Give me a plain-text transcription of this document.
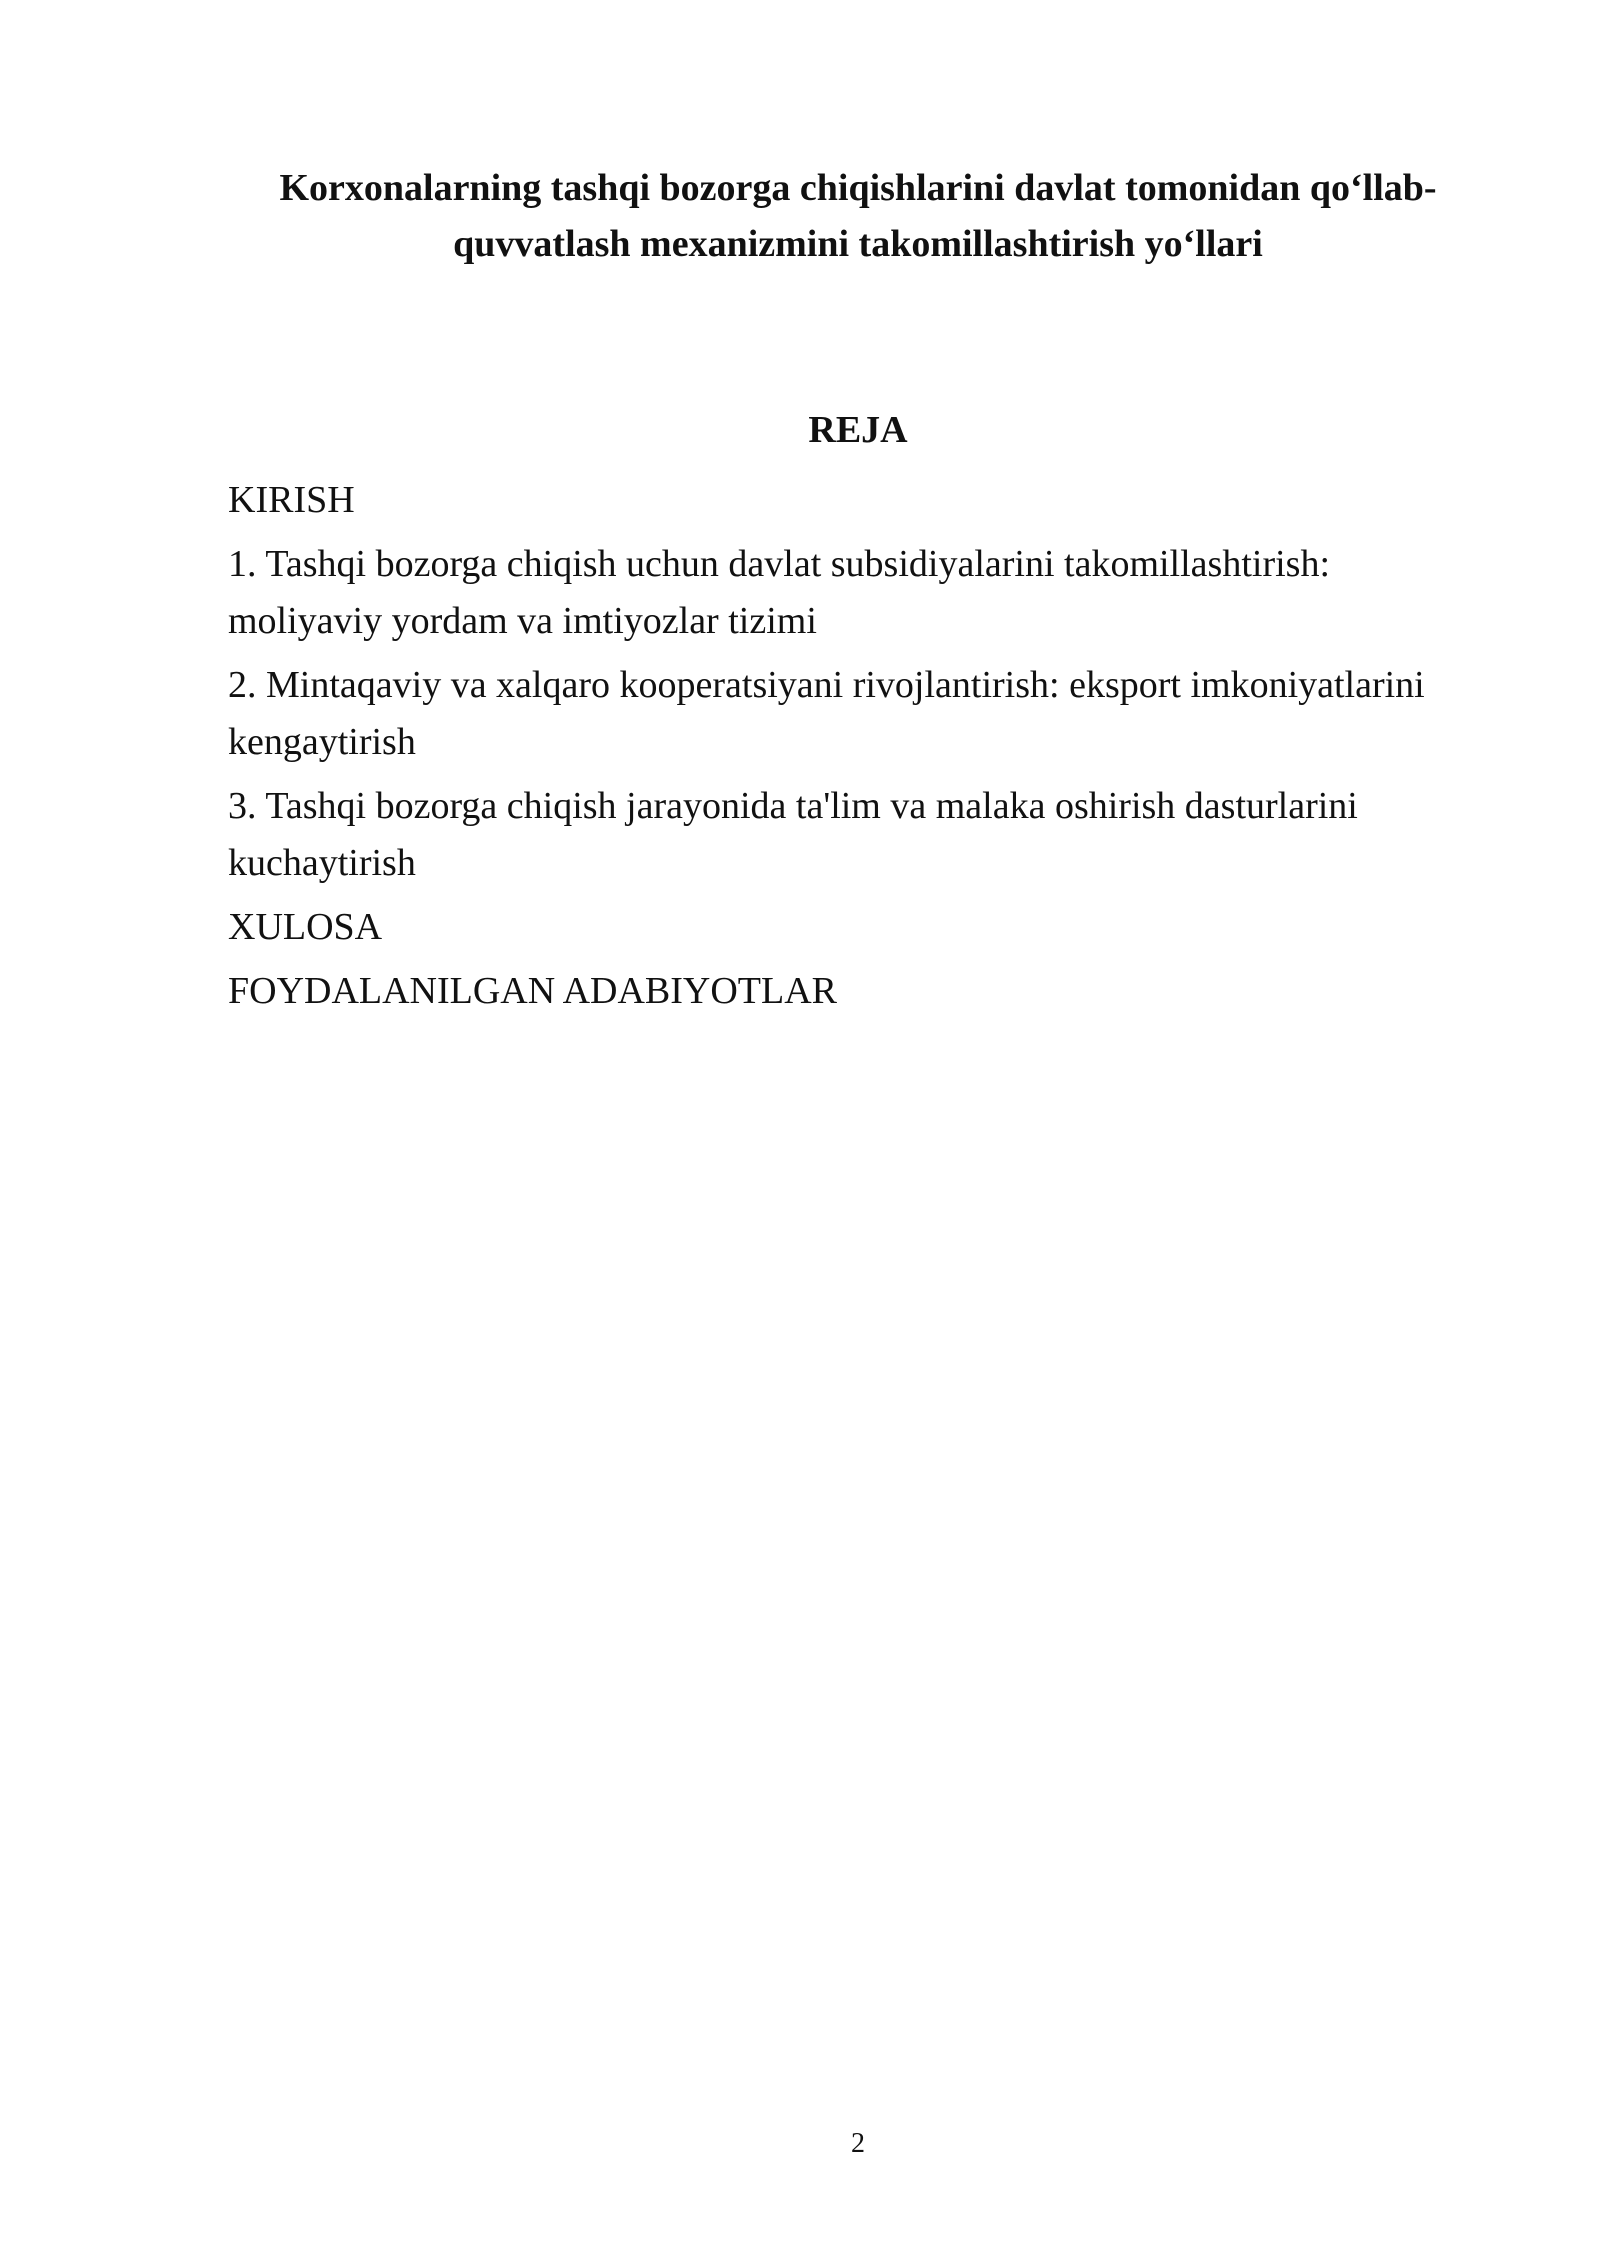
Korxonalarning tashqi bozorga chiqishlarini davlat tomonidan qo‘llab-quvvatlash mexanizmini takomillashtirish yo‘llari
REJA
KIRISH
1. Tashqi bozorga chiqish uchun davlat subsidiyalarini takomillashtirish: moliyaviy yordam va imtiyozlar tizimi
2. Mintaqaviy va xalqaro kooperatsiyani rivojlantirish: eksport imkoniyatlarini kengaytirish
3. Tashqi bozorga chiqish jarayonida ta'lim va malaka oshirish dasturlarini kuchaytirish
XULOSA
FOYDALANILGAN ADABIYOTLAR
2
